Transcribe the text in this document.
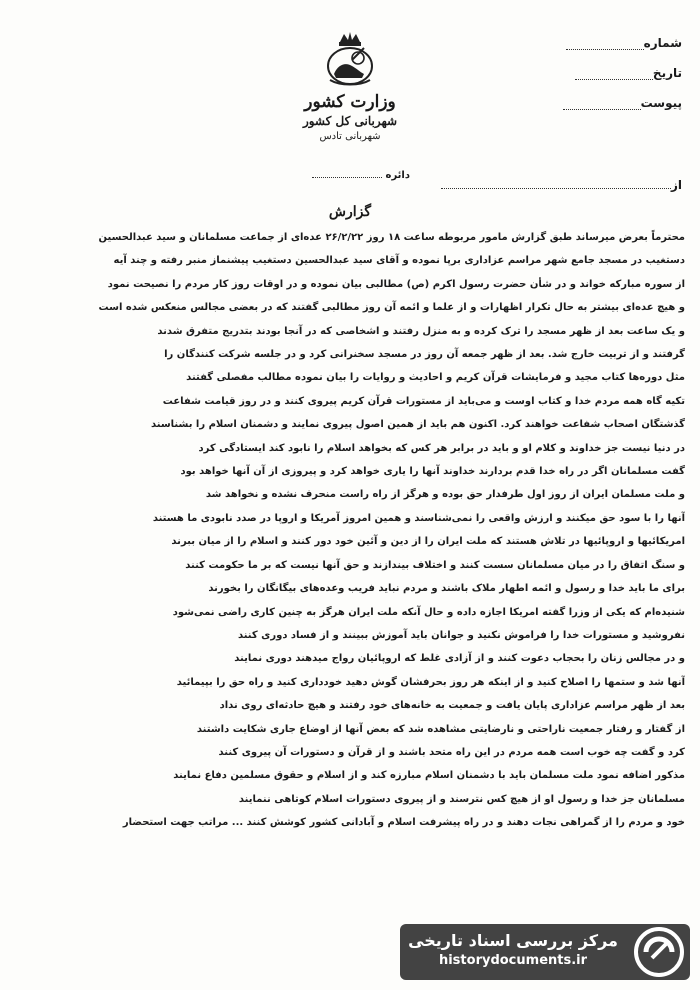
وزارت کشور
شهربانی کل کشور
شهربانی تادس
دائره
شماره
تاریخ
پیوست
از
گزارش
محترماً بعرض میرساند طبق گزارش مامور مربوطه ساعت ۱۸ روز ۲۶/۲/۲۲ عده‌ای از جماعت مسلمانان و سید عبدالحسین
دستغیب در مسجد جامع شهر مراسم عزاداری برپا نموده و آقای سید عبدالحسین دستغیب پیشنماز منبر رفته و چند آیه
از سوره مبارکه خواند و در شأن حضرت رسول اکرم (ص) مطالبی بیان نموده و در اوقات روز کار مردم را نصیحت نمود
و هیچ عده‌ای بیشتر به حال تکرار اظهارات و از علما و ائمه آن روز مطالبی گفتند که در بعضی مجالس منعکس شده است
و یک ساعت بعد از ظهر مسجد را ترک کرده و به منزل رفتند و اشخاصی که در آنجا بودند بتدریج متفرق شدند
گرفتند و از تربیت خارج شد. بعد از ظهر جمعه آن روز در مسجد سخنرانی کرد و در جلسه شرکت کنندگان را
مثل دوره‌ها کتاب مجید و فرمایشات قرآن کریم و احادیث و روایات را بیان نموده مطالب مفصلی گفتند
تکیه گاه همه مردم خدا و کتاب اوست و می‌باید از مستورات قرآن کریم پیروی کنند و در روز قیامت شفاعت
گذشتگان اصحاب شفاعت خواهند کرد. اکنون هم باید از همین اصول پیروی نمایند و دشمنان اسلام را بشناسند
در دنیا نیست جز خداوند و کلام او و باید در برابر هر کس که بخواهد اسلام را نابود کند ایستادگی کرد
گفت مسلمانان اگر در راه خدا قدم بردارند خداوند آنها را یاری خواهد کرد و پیروزی از آن آنها خواهد بود
و ملت مسلمان ایران از روز اول طرفدار حق بوده و هرگز از راه راست منحرف نشده و نخواهد شد
آنها را با سود حق میکنند و ارزش واقعی را نمی‌شناسند و همین امروز آمریکا و اروپا در صدد نابودی ما هستند
امریکائیها و اروپائیها در تلاش هستند که ملت ایران را از دین و آئین خود دور کنند و اسلام را از میان ببرند
و سنگ اتفاق را در میان مسلمانان سست کنند و اختلاف بیندازند و حق آنها نیست که بر ما حکومت کنند
برای ما باید خدا و رسول و ائمه اطهار ملاک باشند و مردم نباید فریب وعده‌های بیگانگان را بخورند
شنیده‌ام که یکی از وزرا گفته امریکا اجازه داده و حال آنکه ملت ایران هرگز به چنین کاری راضی نمی‌شود
نفروشید و مستورات خدا را فراموش نکنید و جوانان باید آموزش ببینند و از فساد دوری کنند
و در مجالس زنان را بحجاب دعوت کنند و از آزادی غلط که اروپائیان رواج میدهند دوری نمایند
آنها شد و ستمها را اصلاح کنید و از اینکه هر روز بحرفشان گوش دهید خودداری کنید و راه حق را بپیمائید
بعد از ظهر مراسم عزاداری پایان یافت و جمعیت به خانه‌های خود رفتند و هیچ حادثه‌ای روی نداد
از گفتار و رفتار جمعیت ناراحتی و نارضایتی مشاهده شد که بعض آنها از اوضاع جاری شکایت داشتند
کرد و گفت چه خوب است همه مردم در این راه متحد باشند و از قرآن و دستورات آن پیروی کنند
مذکور اضافه نمود ملت مسلمان باید با دشمنان اسلام مبارزه کند و از اسلام و حقوق مسلمین دفاع نمایند
مسلمانان جز خدا و رسول او از هیچ کس نترسند و از پیروی دستورات اسلام کوتاهی ننمایند
خود و مردم را از گمراهی نجات دهند و در راه پیشرفت اسلام و آبادانی کشور کوشش کنند ... مراتب جهت استحضار
مرکز بررسی اسناد تاریخی
historydocuments.ir
